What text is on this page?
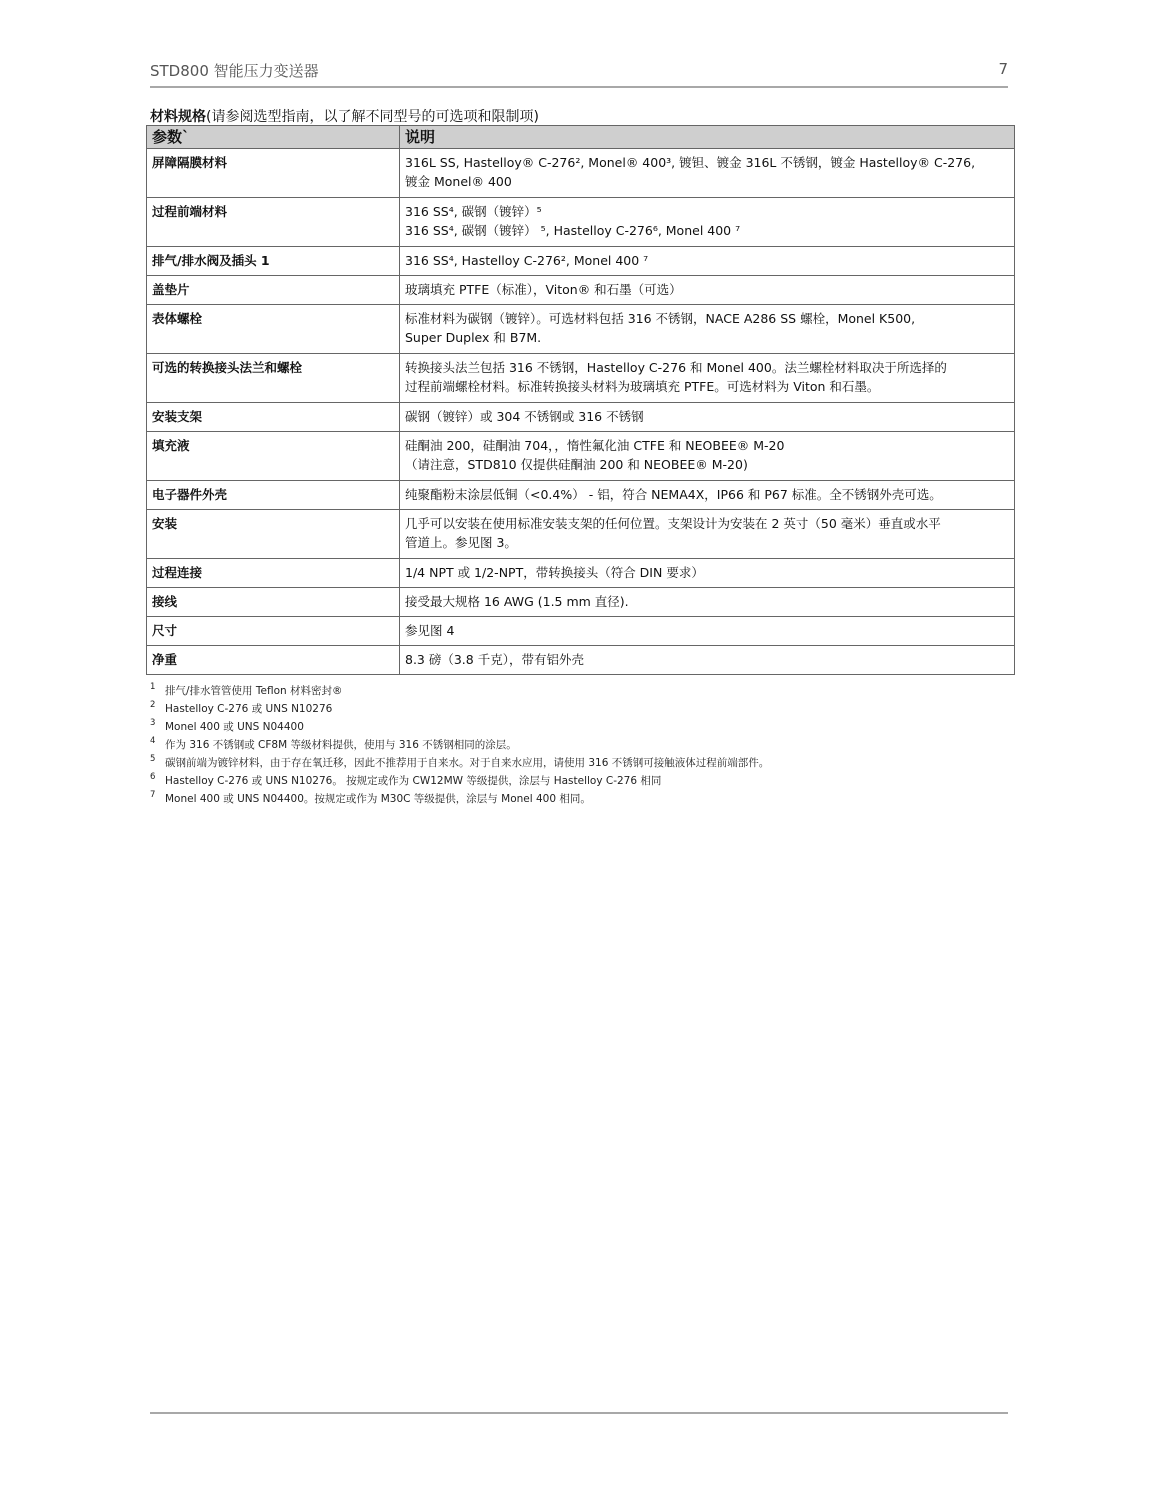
STD800 智能压力变送器	7
材料规格(请参阅选型指南，以了解不同型号的可选项和限制项)
参数`	说明
屏障隔膜材料	316L SS, Hastelloy® C-276², Monel® 400³, 镀钽、镀金 316L 不锈钢，镀金 Hastelloy® C-276,
镀金 Monel® 400

过程前端材料	316 SS⁴, 碳钢（镀锌）⁵
316 SS⁴, 碳钢（镀锌） ⁵, Hastelloy C-276⁶, Monel 400 ⁷

排气/排水阀及插头 1	316 SS⁴, Hastelloy C-276², Monel 400 ⁷

盖垫片	玻璃填充 PTFE（标准），Viton® 和石墨（可选）

表体螺栓	标准材料为碳钢（镀锌）。可选材料包括 316 不锈钢，NACE A286 SS 螺栓，Monel K500,
Super Duplex 和 B7M.

可选的转换接头法兰和螺栓	转换接头法兰包括 316 不锈钢，Hastelloy C-276 和 Monel 400。法兰螺栓材料取决于所选择的
过程前端螺栓材料。标准转换接头材料为玻璃填充 PTFE。可选材料为 Viton 和石墨。

安装支架	碳钢（镀锌）或 304 不锈钢或 316 不锈钢

填充液	硅酮油 200，硅酮油 704，，惰性氟化油 CTFE 和 NEOBEE® M-20
（请注意，STD810 仅提供硅酮油 200 和 NEOBEE® M-20)

电子器件外壳	纯聚酯粉末涂层低铜（<0.4%） - 铝，符合 NEMA4X，IP66 和 P67 标准。全不锈钢外壳可选。

安装	几乎可以安装在使用标准安装支架的任何位置。支架设计为安装在 2 英寸（50 毫米）垂直或水平
管道上。参见图 3。

过程连接	1/4 NPT 或 1/2-NPT，带转换接头（符合 DIN 要求）

接线	接受最大规格 16 AWG (1.5 mm 直径).

尺寸	参见图 4

净重	8.3 磅（3.8 千克），带有铝外壳
1 排气/排水管管使用 Teflon 材料密封®
2 Hastelloy C-276 或 UNS N10276
3 Monel 400 或 UNS N04400
4 作为 316 不锈钢或 CF8M 等级材料提供，使用与 316 不锈钢相同的涂层。
5 碳钢前端为镀锌材料，由于存在氧迁移，因此不推荐用于自来水。对于自来水应用，请使用 316 不锈钢可接触液体过程前端部件。
6 Hastelloy C-276 或 UNS N10276。 按规定或作为 CW12MW 等级提供，涂层与 Hastelloy C-276 相同
7 Monel 400 或 UNS N04400。按规定或作为 M30C 等级提供，涂层与 Monel 400 相同。
